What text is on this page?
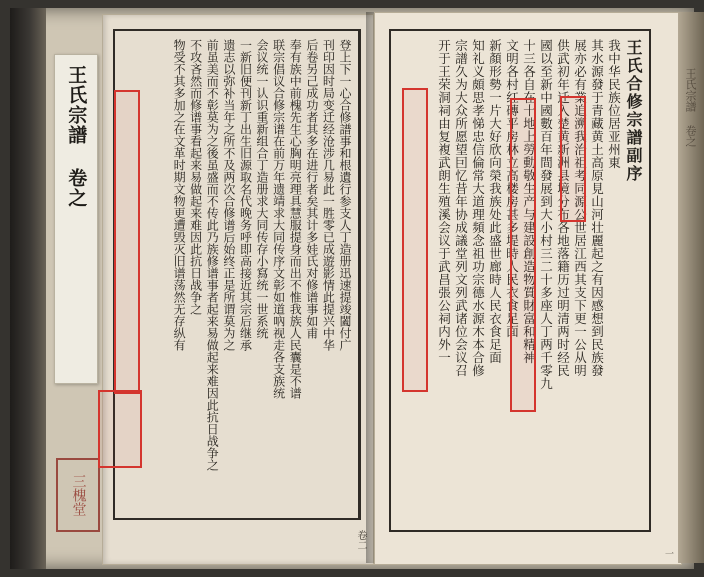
王氏宗譜 卷之
三槐堂
登上下一心合修譜事和根遺行参支人丁造册迅速提竣闔付广
刊印因时局变迁经沧涉几易此一胜零已成遊影情此提兴中华
后卷另己成功者其多在进行者矣其计多娃氏对修谱事如甫
奉有族中前槐先生心胸明亮理具慧服提身而出不惟我族人民囊是不谱
联宗倡议合修宗谱在前万年遗靖求大同传序文彰如道吶视走各支族统
会议统一认识重新组合丁造册求大同传存小寫统一世系统
一新旧便刊新丁出生旧源取名代晚务呼即高接近其宗后继承
遗志以弥补当年之所不及两次合修谱后始终正是所谓莫为之
前虽美而不彰莫为之後虽盛而不传此乃族修谱事者起来易做起来难因此抗日战争之
不攻吝然而修谱事看起来易做起来难因此抗日战争之
物受不其多加之在文革时期文物更遭毁灭旧谱荡然无存纵有
卷二
王氏合修宗譜副序
我中华民族位居亚州東
其水源發于青藏黄土高原見山河壮麗起之有因感想到民族發
展亦必有業追溯我治祖考同源公世居江西其支下更一公从明
供武初年迁入楚黄新洲县境分布各地落籍历过明清两时经民
國以至新中國數百年間發展到大小村三二十多座人丁两千零九
十三各自在十地上勞動敬生产与建設創造物質財富和精神
文明各村红磚平房林立高楼房甚多堤時人民衣食足面
新顏形勢一片大好欣向榮我族处此盛世廊時人民衣食足面
知礼义頗思孝悌忠信倫常大道理頻念祖功宗德水源木本合修
宗譜久为大众所愿望囙忆昔年协成議堂列文列武诸位会议召
开于王荣洞祠由复複武朗生殖溪会议于武昌張公祠内外一
一
王氏宗譜 卷之
